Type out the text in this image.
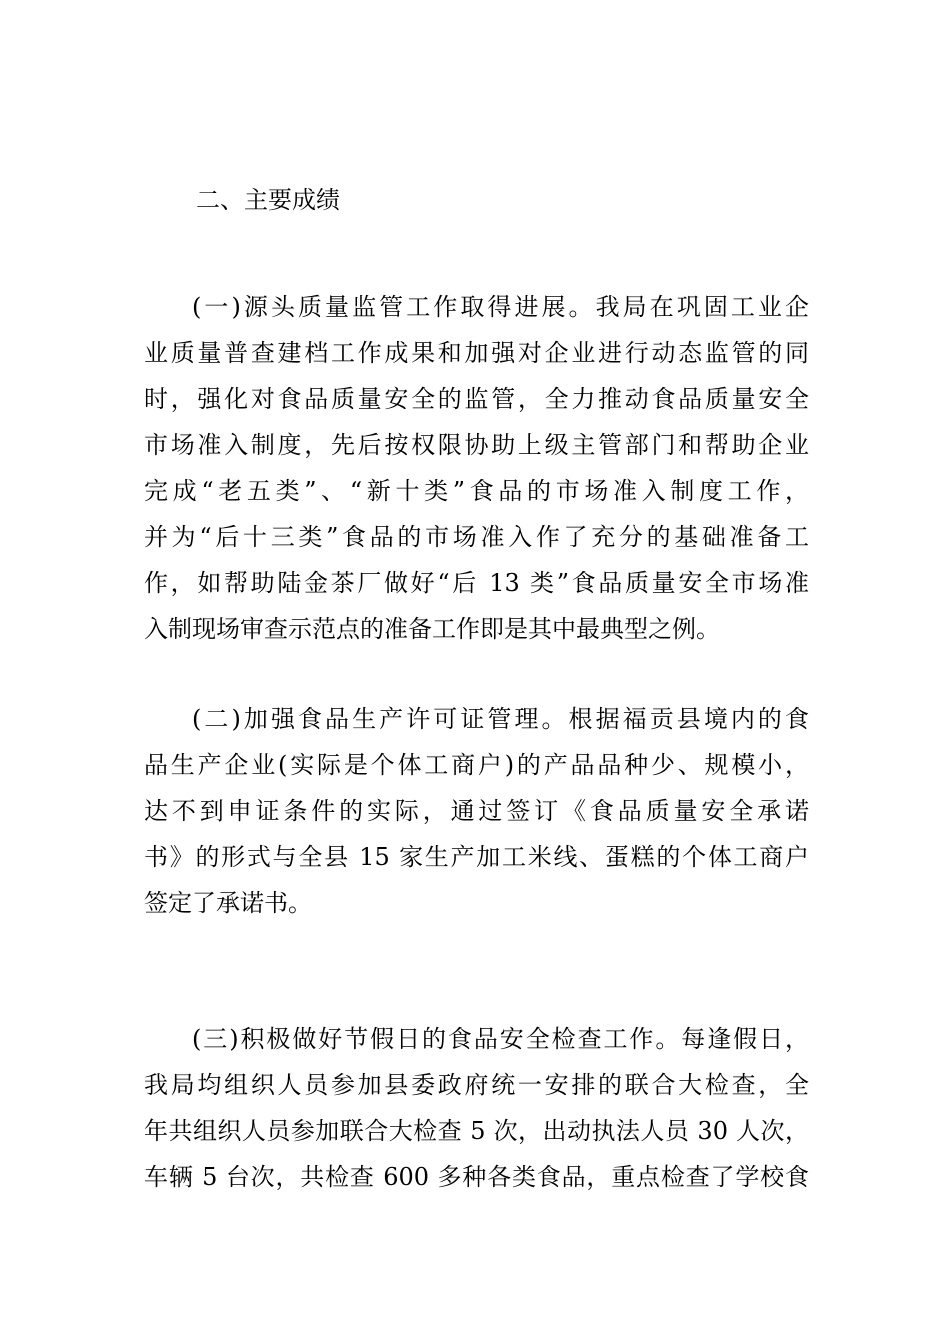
二、主要成绩
(一)源头质量监管工作取得进展。我局在巩固工业企
业质量普查建档工作成果和加强对企业进行动态监管的同
时，强化对食品质量安全的监管，全力推动食品质量安全
市场准入制度，先后按权限协助上级主管部门和帮助企业
完成“老五类”、“新十类”食品的市场准入制度工作，
并为“后十三类”食品的市场准入作了充分的基础准备工
作，如帮助陆金茶厂做好“后 13 类”食品质量安全市场准
入制现场审查示范点的准备工作即是其中最典型之例。
(二)加强食品生产许可证管理。根据福贡县境内的食
品生产企业(实际是个体工商户)的产品品种少、规模小，
达不到申证条件的实际，通过签订《食品质量安全承诺
书》的形式与全县 15 家生产加工米线、蛋糕的个体工商户
签定了承诺书。
(三)积极做好节假日的食品安全检查工作。每逢假日，
我局均组织人员参加县委政府统一安排的联合大检查，全
年共组织人员参加联合大检查 5 次，出动执法人员 30 人次，
车辆 5 台次，共检查 600 多种各类食品，重点检查了学校食
